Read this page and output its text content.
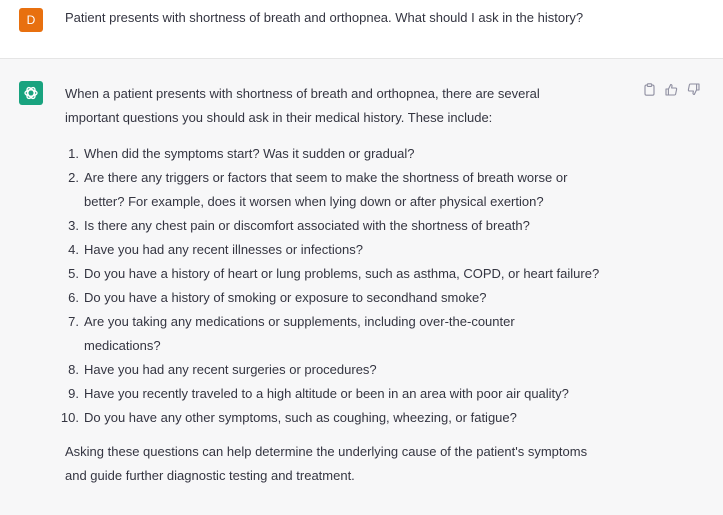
D	Patient presents with shortness of breath and orthopnea. What should I ask in the history?

When a patient presents with shortness of breath and orthopnea, there are several
important questions you should ask in their medical history. These include:

1. When did the symptoms start? Was it sudden or gradual?
2. Are there any triggers or factors that seem to make the shortness of breath worse or
better? For example, does it worsen when lying down or after physical exertion?
3. Is there any chest pain or discomfort associated with the shortness of breath?
4. Have you had any recent illnesses or infections?
5. Do you have a history of heart or lung problems, such as asthma, COPD, or heart failure?
6. Do you have a history of smoking or exposure to secondhand smoke?
7. Are you taking any medications or supplements, including over-the-counter
medications?
8. Have you had any recent surgeries or procedures?
9. Have you recently traveled to a high altitude or been in an area with poor air quality?
10. Do you have any other symptoms, such as coughing, wheezing, or fatigue?

Asking these questions can help determine the underlying cause of the patient's symptoms
and guide further diagnostic testing and treatment.
